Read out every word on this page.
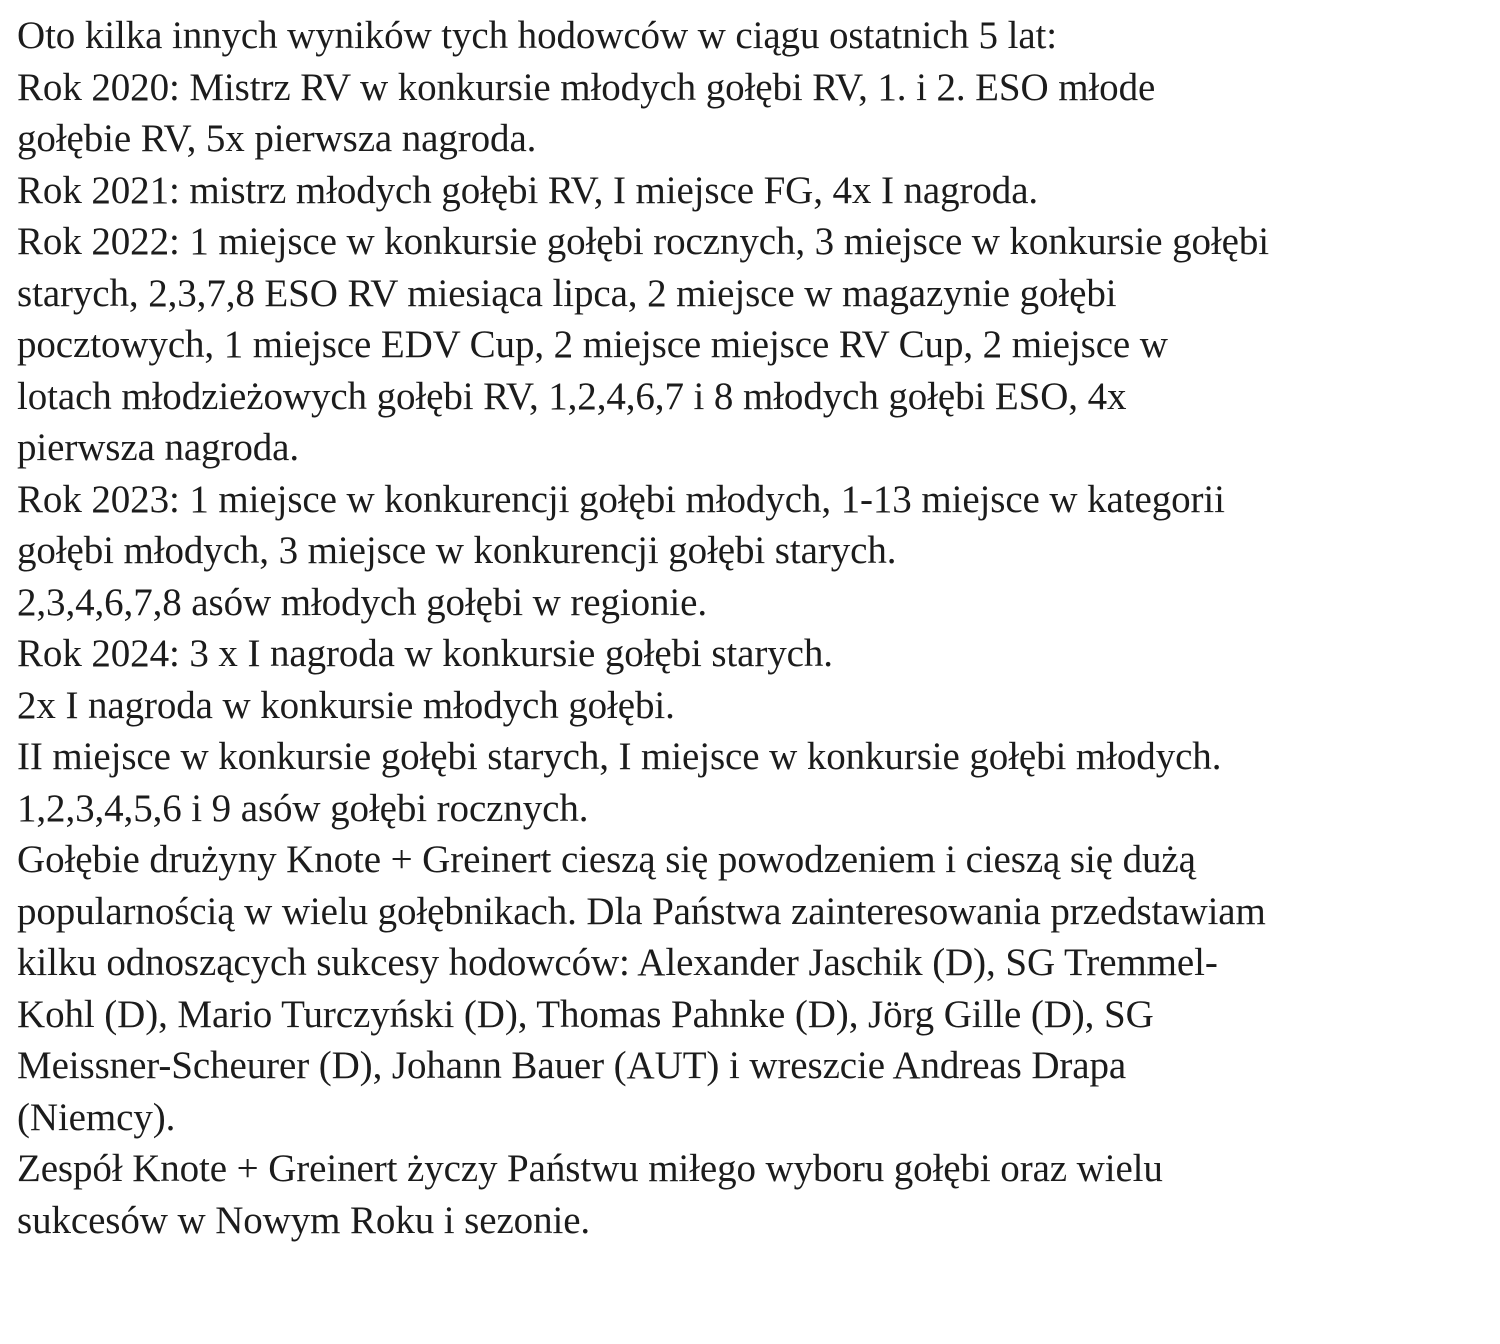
Oto kilka innych wyników tych hodowców w ciągu ostatnich 5 lat:
Rok 2020: Mistrz RV w konkursie młodych gołębi RV, 1. i 2. ESO młode
gołębie RV, 5x pierwsza nagroda.
Rok 2021: mistrz młodych gołębi RV, I miejsce FG, 4x I nagroda.
Rok 2022: 1 miejsce w konkursie gołębi rocznych, 3 miejsce w konkursie gołębi
starych, 2,3,7,8 ESO RV miesiąca lipca, 2 miejsce w magazynie gołębi
pocztowych, 1 miejsce EDV Cup, 2 miejsce miejsce RV Cup, 2 miejsce w
lotach młodzieżowych gołębi RV, 1,2,4,6,7 i 8 młodych gołębi ESO, 4x
pierwsza nagroda.
Rok 2023: 1 miejsce w konkurencji gołębi młodych, 1-13 miejsce w kategorii
gołębi młodych, 3 miejsce w konkurencji gołębi starych.
2,3,4,6,7,8 asów młodych gołębi w regionie.
Rok 2024: 3 x I nagroda w konkursie gołębi starych.
2x I nagroda w konkursie młodych gołębi.
II miejsce w konkursie gołębi starych, I miejsce w konkursie gołębi młodych.
1,2,3,4,5,6 i 9 asów gołębi rocznych.
Gołębie drużyny Knote + Greinert cieszą się powodzeniem i cieszą się dużą
popularnością w wielu gołębnikach. Dla Państwa zainteresowania przedstawiam
kilku odnoszących sukcesy hodowców: Alexander Jaschik (D), SG Tremmel-
Kohl (D), Mario Turczyński (D), Thomas Pahnke (D), Jörg Gille (D), SG
Meissner-Scheurer (D), Johann Bauer (AUT) i wreszcie Andreas Drapa
(Niemcy).
Zespół Knote + Greinert życzy Państwu miłego wyboru gołębi oraz wielu
sukcesów w Nowym Roku i sezonie.
